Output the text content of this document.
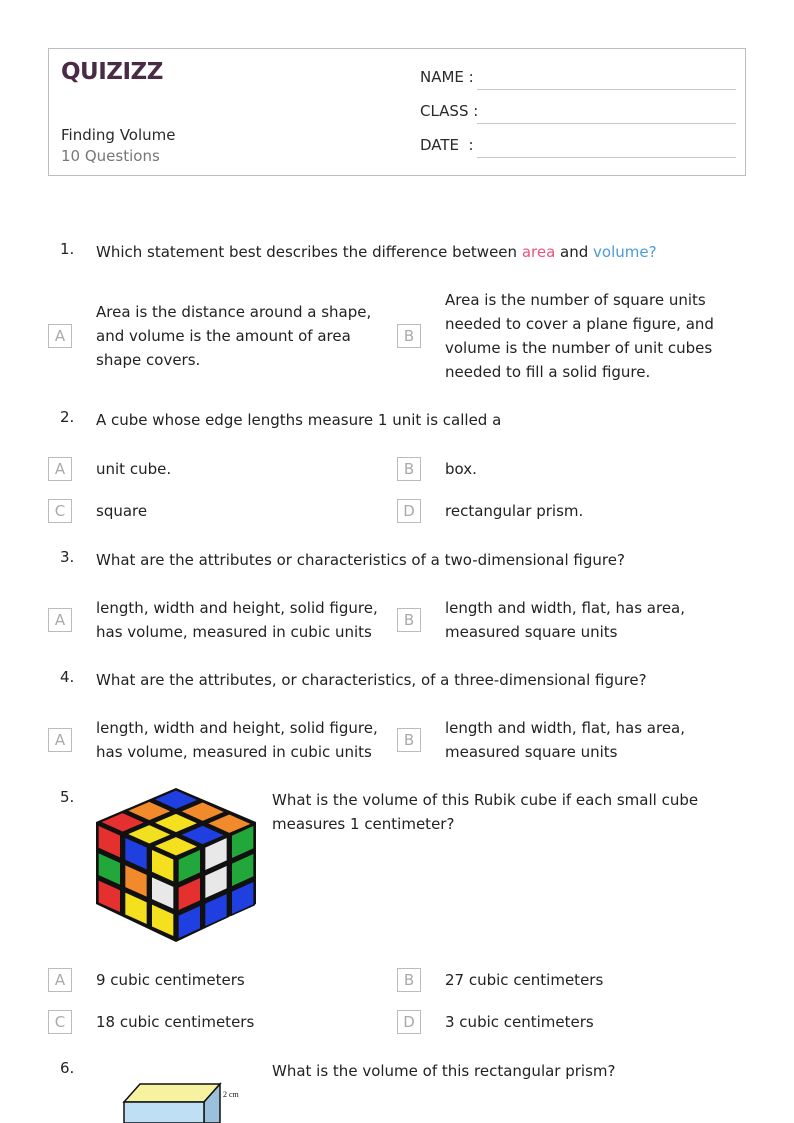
QUIZIZZ
Finding Volume
10 Questions
NAME :
CLASS :
DATE  :
1. Which statement best describes the difference between area and volume?
A
Area is the distance around a shape, and volume is the amount of area shape covers.
B
Area is the number of square units needed to cover a plane figure, and volume is the number of unit cubes needed to fill a solid figure.
2. A cube whose edge lengths measure 1 unit is called a
A	unit cube.	B	box.
C	square	D	rectangular prism.
3. What are the attributes or characteristics of a two-dimensional figure?
A
length, width and height, solid figure, has volume, measured in cubic units
B
length and width, flat, has area, measured square units
4. What are the attributes, or characteristics, of a three-dimensional figure?
A
length, width and height, solid figure, has volume, measured in cubic units
B
length and width, flat, has area, measured square units
5.	What is the volume of this Rubik cube if each small cube measures 1 centimeter?
A	9 cubic centimeters	B	27 cubic centimeters
C	18 cubic centimeters	D	3 cubic centimeters
6.	What is the volume of this rectangular prism?
2 cm
